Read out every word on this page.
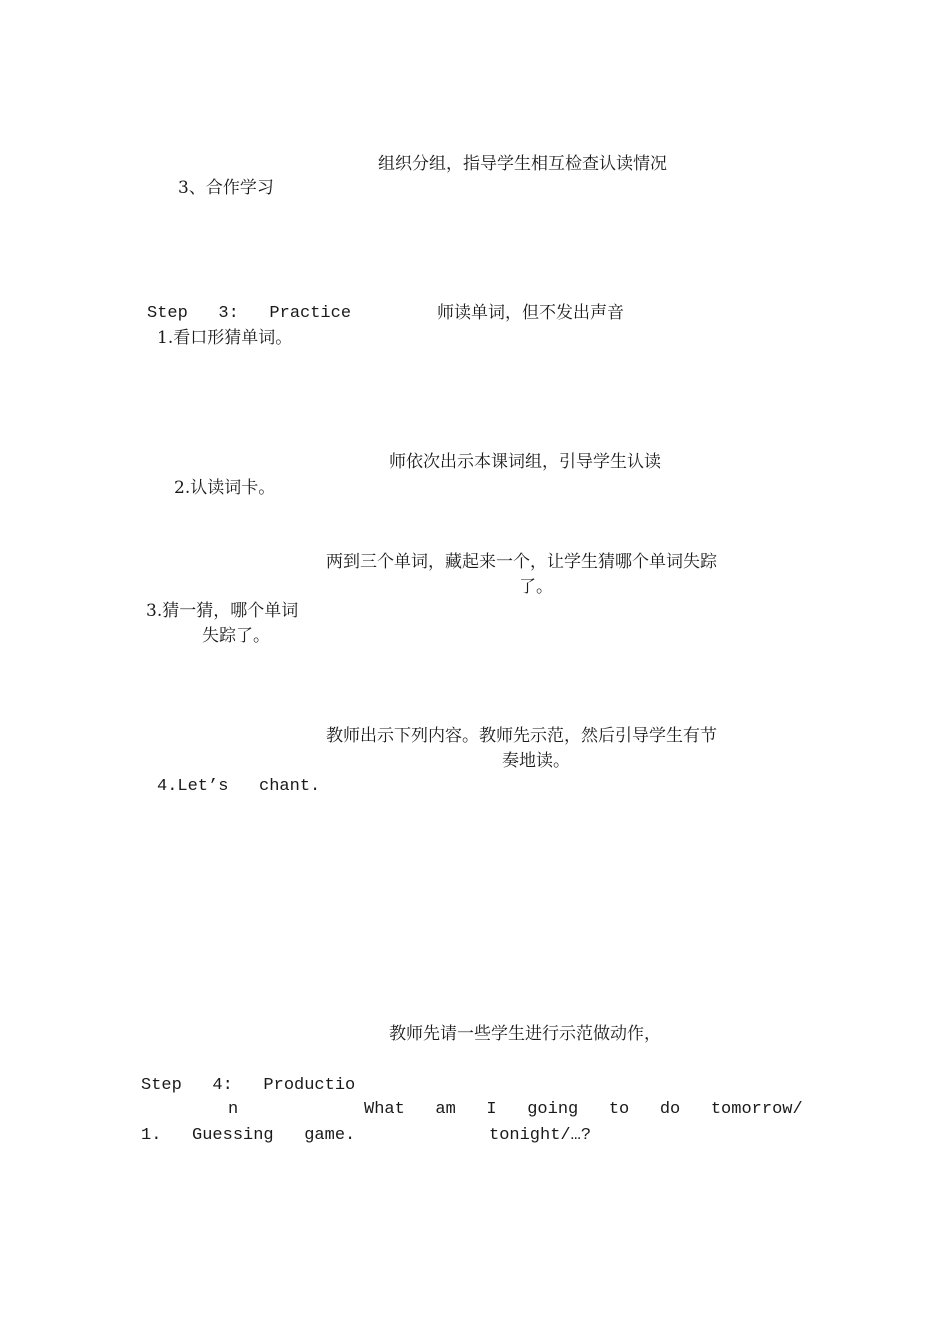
组织分组，指导学生相互检查认读情况
3、合作学习
Step   3:   Practice
1.看口形猜单词。
师读单词，但不发出声音
师依次出示本课词组，引导学生认读
2.认读词卡。
两到三个单词，藏起来一个，让学生猜哪个单词失踪
了。
3.猜一猜，哪个单词
失踪了。
教师出示下列内容。教师先示范，然后引导学生有节
奏地读。
4.Let’s   chant.
教师先请一些学生进行示范做动作，
Step   4:   Productio
n	What   am   I   going   to   do   tomorrow/
1.   Guessing   game.	tonight/…?
